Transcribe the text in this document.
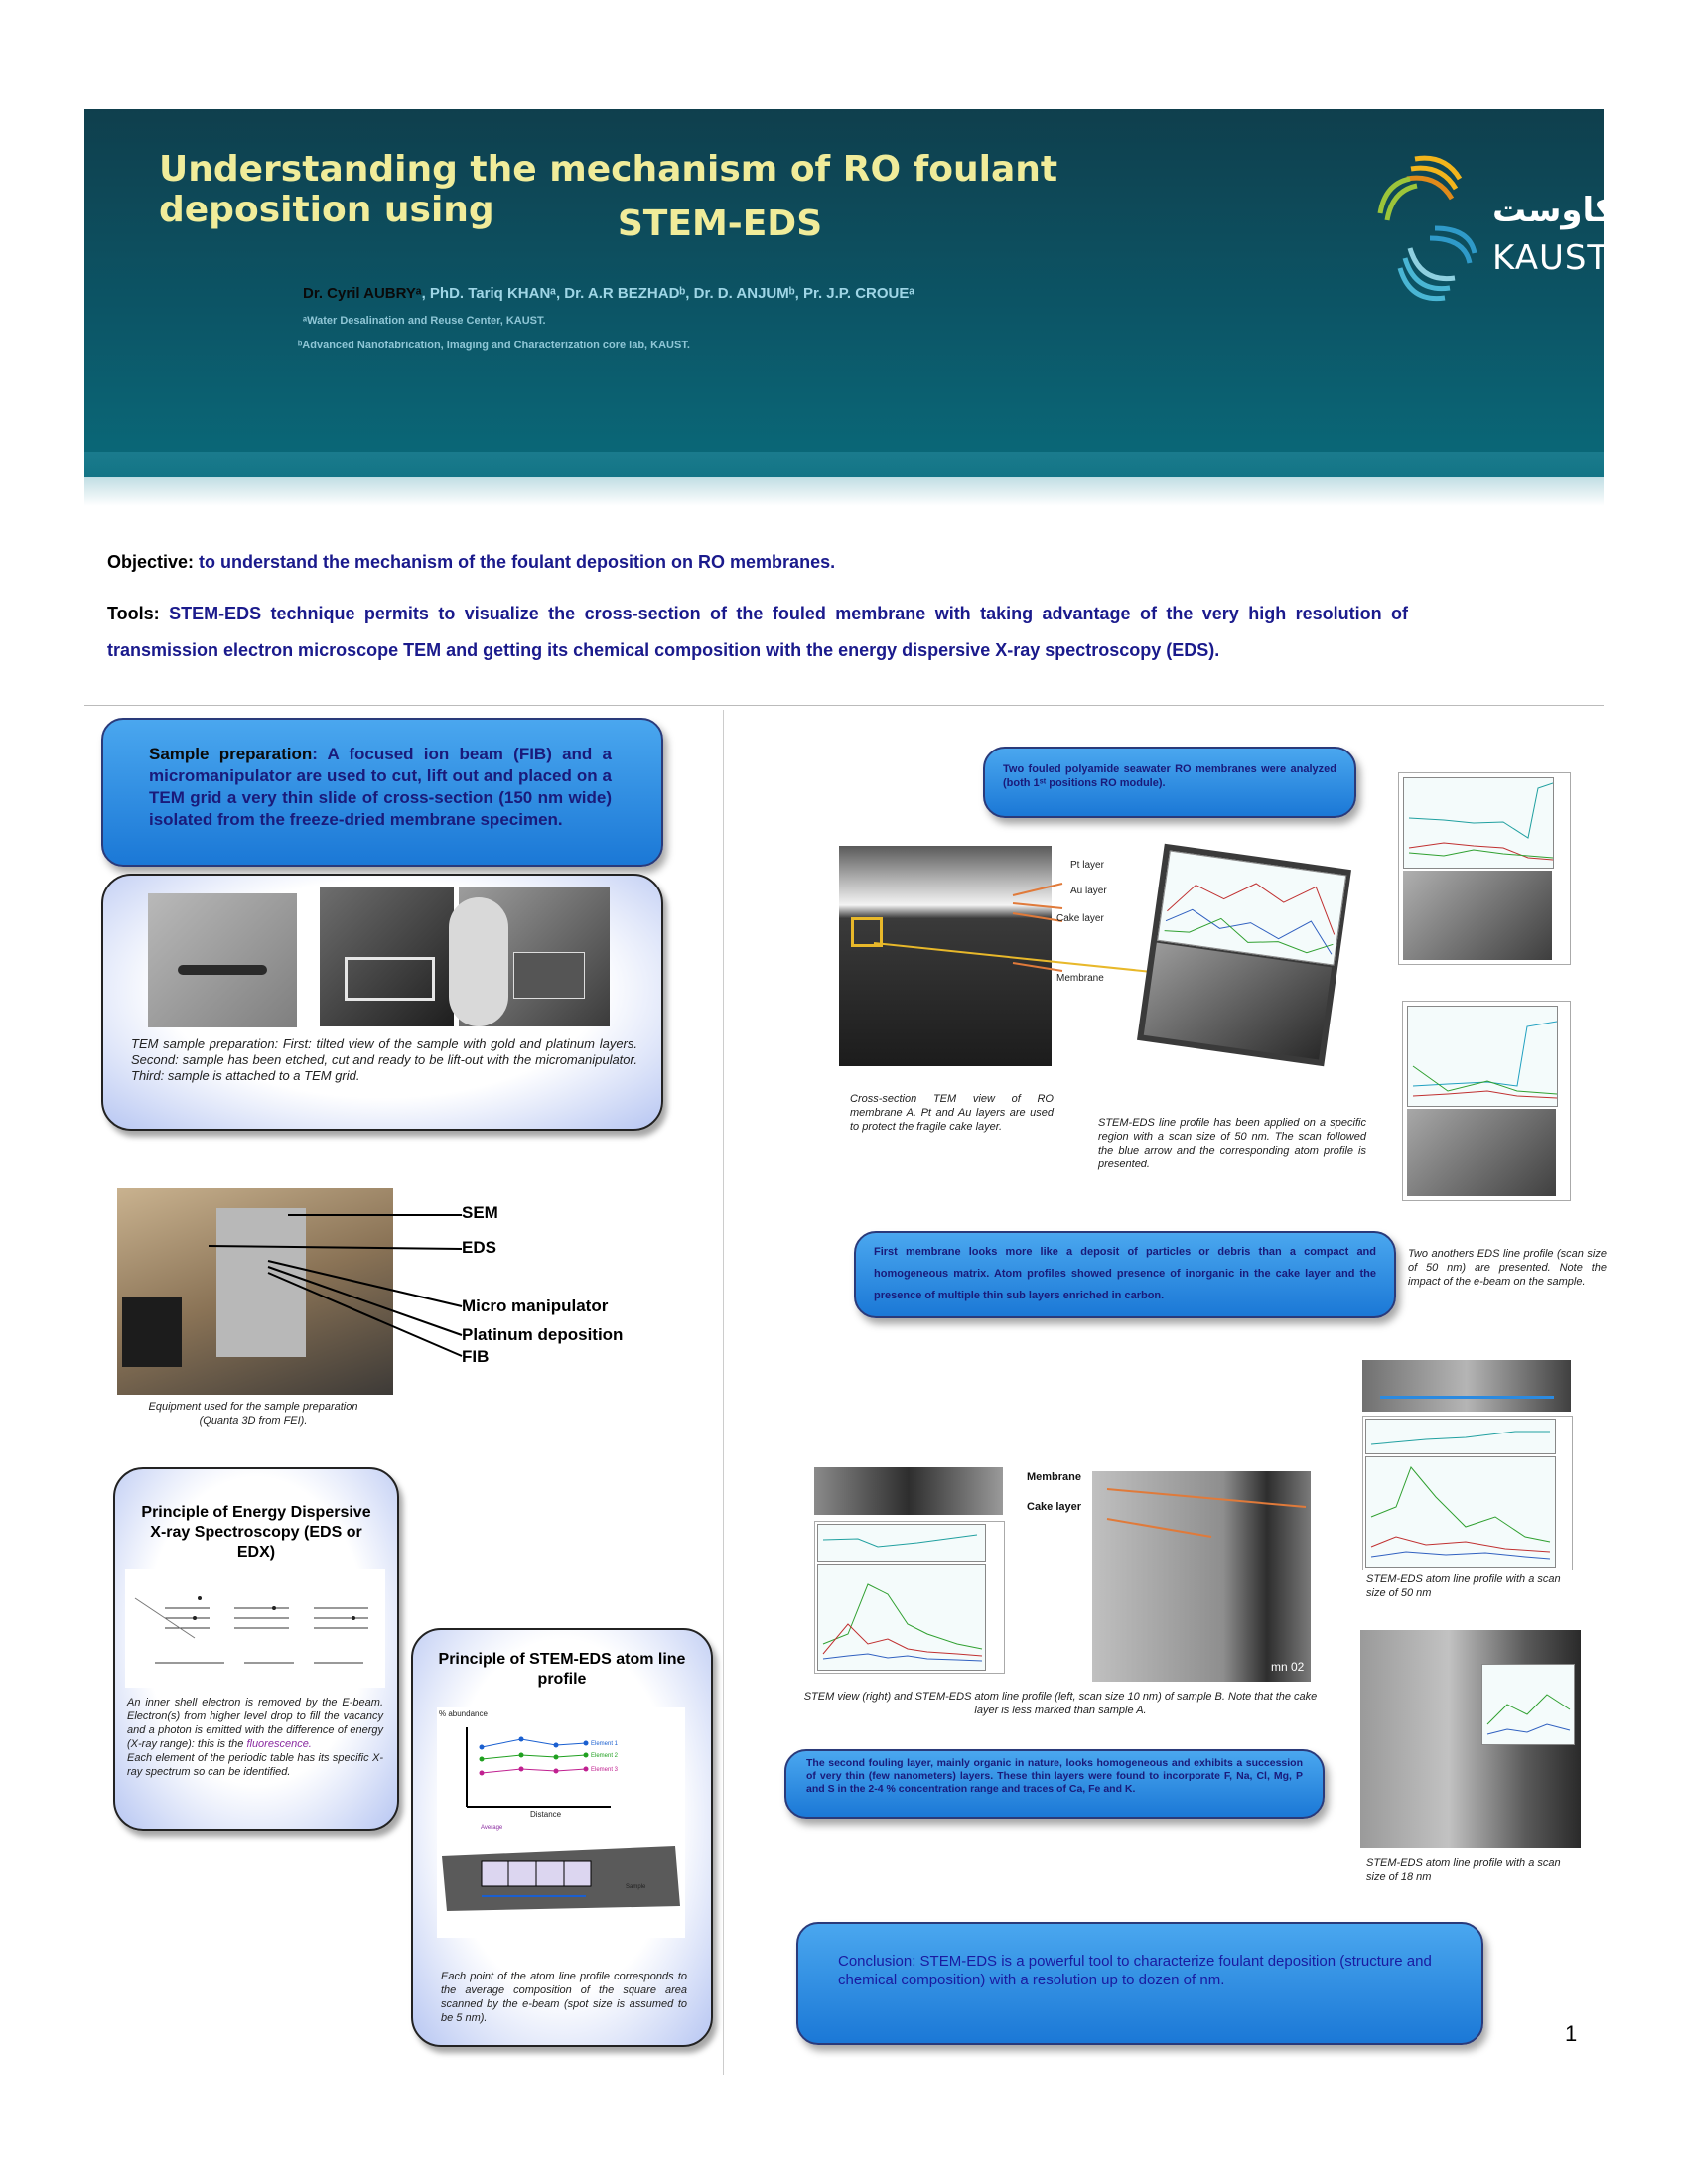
Understanding the mechanism of RO foulant deposition using	STEM-EDS
Dr. Cyril AUBRYᵃ, PhD. Tariq KHANᵃ, Dr. A.R BEZHADᵇ, Dr. D. ANJUMᵇ, Pr. J.P. CROUEᵃ
ᵃWater Desalination and Reuse Center, KAUST.
ᵇAdvanced Nanofabrication, Imaging and Characterization core lab, KAUST.
كاوست
KAUST
Objective: to understand the mechanism of the foulant deposition on RO membranes.
Tools: STEM-EDS technique permits to visualize the cross-section of the fouled membrane with taking advantage of the very high resolution of transmission electron microscope TEM and getting its chemical composition with the energy dispersive X-ray spectroscopy (EDS).
Sample preparation: A focused ion beam (FIB) and a micromanipulator are used to cut, lift out and placed on a TEM grid a very thin slide of cross-section (150 nm wide) isolated from the freeze-dried membrane specimen.
TEM sample preparation: First: tilted view of the sample with gold and platinum layers. Second: sample has been etched, cut and ready to be lift-out with the micromanipulator. Third: sample is attached to a TEM grid.
SEM
EDS
Micro manipulator
Platinum deposition
FIB
Equipment used for the sample preparation (Quanta 3D from FEI).
Principle of Energy Dispersive X-ray Spectroscopy (EDS or EDX)
An inner shell electron is removed by the E-beam. Electron(s) from higher level drop to fill the vacancy and a photon is emitted with the difference of energy (X-ray range): this is the fluorescence.
Each element of the periodic table has its specific X-ray spectrum so can be identified.
Principle of STEM-EDS atom line profile
% abundance
Distance
Element 1
Element 2
Element 3
Average
Sample
Each point of the atom line profile corresponds to the average composition of the square area scanned by the e-beam (spot size is assumed to be 5 nm).
Two fouled polyamide seawater RO membranes were analyzed (both 1ˢᵗ positions RO module).
Pt layer
Au layer
Cake layer
Membrane
Cross-section TEM view of RO membrane A. Pt and Au layers are used to protect the fragile cake layer.	STEM-EDS line profile has been applied on a specific region with a scan size of 50 nm. The scan followed the blue arrow and the corresponding atom profile is presented.
First membrane looks more like a deposit of particles or debris than a compact and homogeneous matrix. Atom profiles showed presence of inorganic in the cake layer and the presence of multiple thin sub layers enriched in carbon.
Two anothers EDS line profile (scan size of 50 nm) are presented. Note the impact of the e-beam on the sample.
mn 02
Membrane
Cake layer
STEM view (right) and STEM-EDS atom line profile (left, scan size 10 nm) of sample B. Note that the cake layer is less marked than sample A.
The second fouling layer, mainly organic in nature, looks homogeneous and exhibits a succession of very thin (few nanometers) layers. These thin layers were found to incorporate F, Na, Cl, Mg, P and S in the 2-4 % concentration range and traces of Ca, Fe and K.
STEM-EDS atom line profile with a scan size of 50 nm
STEM-EDS atom line profile with a scan size of 18 nm
Conclusion: STEM-EDS is a powerful tool to characterize foulant deposition (structure and chemical composition) with a resolution up to dozen of nm.
1
